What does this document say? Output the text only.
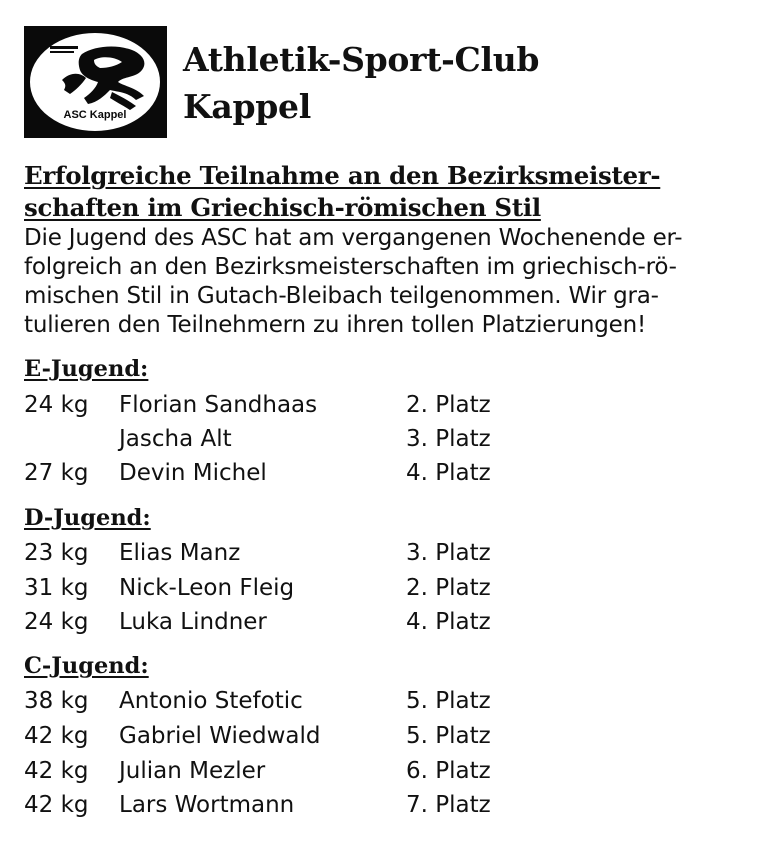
ASC Kappel
Athletik-Sport-Club
Kappel
Erfolgreiche Teilnahme an den Bezirksmeister-
schaften im Griechisch-römischen Stil
Die Jugend des ASC hat am vergangenen Wochenende er-
folgreich an den Bezirksmeisterschaften im griechisch-rö-
mischen Stil in Gutach-Bleibach teilgenommen. Wir gra-
tulieren den Teilnehmern zu ihren tollen Platzierungen!
E-Jugend:
24 kg Florian Sandhaas	2. Platz
Jascha Alt	3. Platz
27 kg Devin Michel	4. Platz
D-Jugend:
23 kg Elias Manz	3. Platz
31 kg Nick-Leon Fleig	2. Platz
24 kg Luka Lindner	4. Platz
C-Jugend:
38 kg Antonio Stefotic	5. Platz
42 kg Gabriel Wiedwald	5. Platz
42 kg Julian Mezler	6. Platz
42 kg Lars Wortmann	7. Platz
